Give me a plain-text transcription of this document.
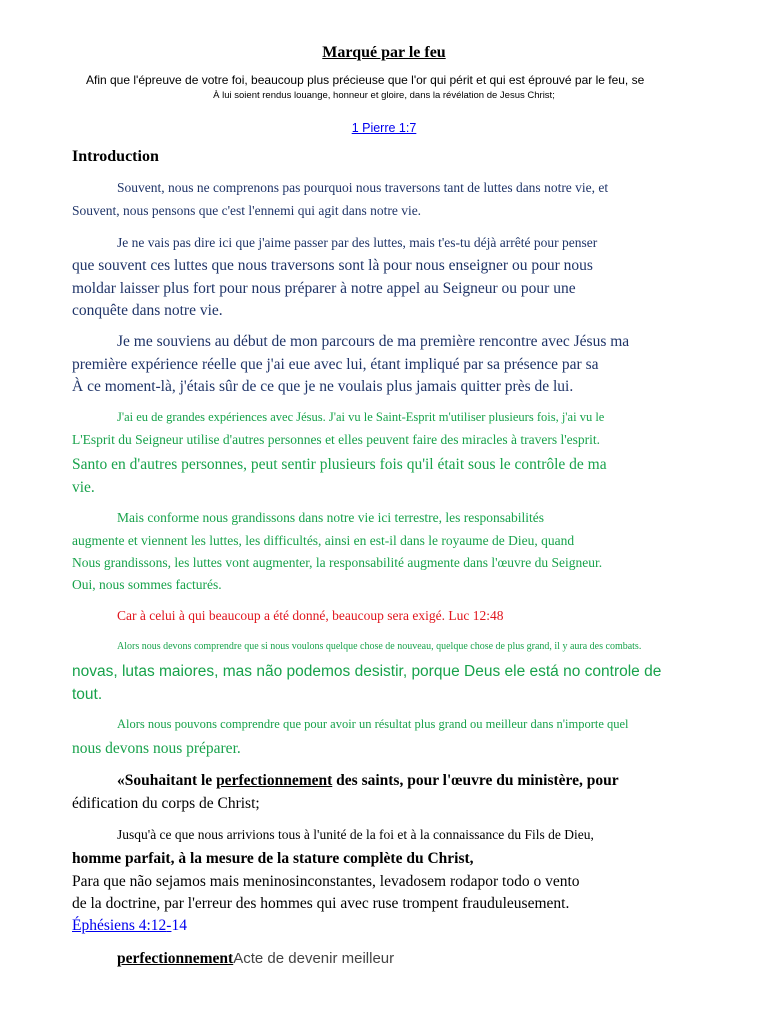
Marqué par le feu
Afin que l'épreuve de votre foi, beaucoup plus précieuse que l'or qui périt et qui est éprouvé par le feu, se
À lui soient rendus louange, honneur et gloire, dans la révélation de Jesus Christ;
1 Pierre 1:7
Introduction
Souvent, nous ne comprenons pas pourquoi nous traversons tant de luttes dans notre vie, et
Souvent, nous pensons que c'est l'ennemi qui agit dans notre vie.
Je ne vais pas dire ici que j'aime passer par des luttes, mais t'es-tu déjà arrêté pour penser
que souvent ces luttes que nous traversons sont là pour nous enseigner ou pour nous
moldar laisser plus fort pour nous préparer à notre appel au Seigneur ou pour une
conquête dans notre vie.
Je me souviens au début de mon parcours de ma première rencontre avec Jésus ma
première expérience réelle que j'ai eue avec lui, étant impliqué par sa présence par sa
À ce moment-là, j'étais sûr de ce que je ne voulais plus jamais quitter près de lui.
J'ai eu de grandes expériences avec Jésus. J'ai vu le Saint-Esprit m'utiliser plusieurs fois, j'ai vu le
L'Esprit du Seigneur utilise d'autres personnes et elles peuvent faire des miracles à travers l'esprit.
Santo en d'autres personnes, peut sentir plusieurs fois qu'il était sous le contrôle de ma
vie.
Mais conforme nous grandissons dans notre vie ici terrestre, les responsabilités
augmente et viennent les luttes, les difficultés, ainsi en est-il dans le royaume de Dieu, quand
Nous grandissons, les luttes vont augmenter, la responsabilité augmente dans l'œuvre du Seigneur.
Oui, nous sommes facturés.
Car à celui à qui beaucoup a été donné, beaucoup sera exigé. Luc 12:48
Alors nous devons comprendre que si nous voulons quelque chose de nouveau, quelque chose de plus grand, il y aura des combats.
novas, lutas maiores, mas não podemos desistir, porque Deus ele está no controle de
tout.
Alors nous pouvons comprendre que pour avoir un résultat plus grand ou meilleur dans n'importe quel
nous devons nous préparer.
«Souhaitant le perfectionnement des saints, pour l'œuvre du ministère, pour
édification du corps de Christ;
Jusqu'à ce que nous arrivions tous à l'unité de la foi et à la connaissance du Fils de Dieu,
homme parfait, à la mesure de la stature complète du Christ,
Para que não sejamos mais meninosinconstantes, levadosem rodapor todo o vento
de la doctrine, par l'erreur des hommes qui avec ruse trompent frauduleusement.
Éphésiens 4:12-14
perfectionnementActe de devenir meilleur
